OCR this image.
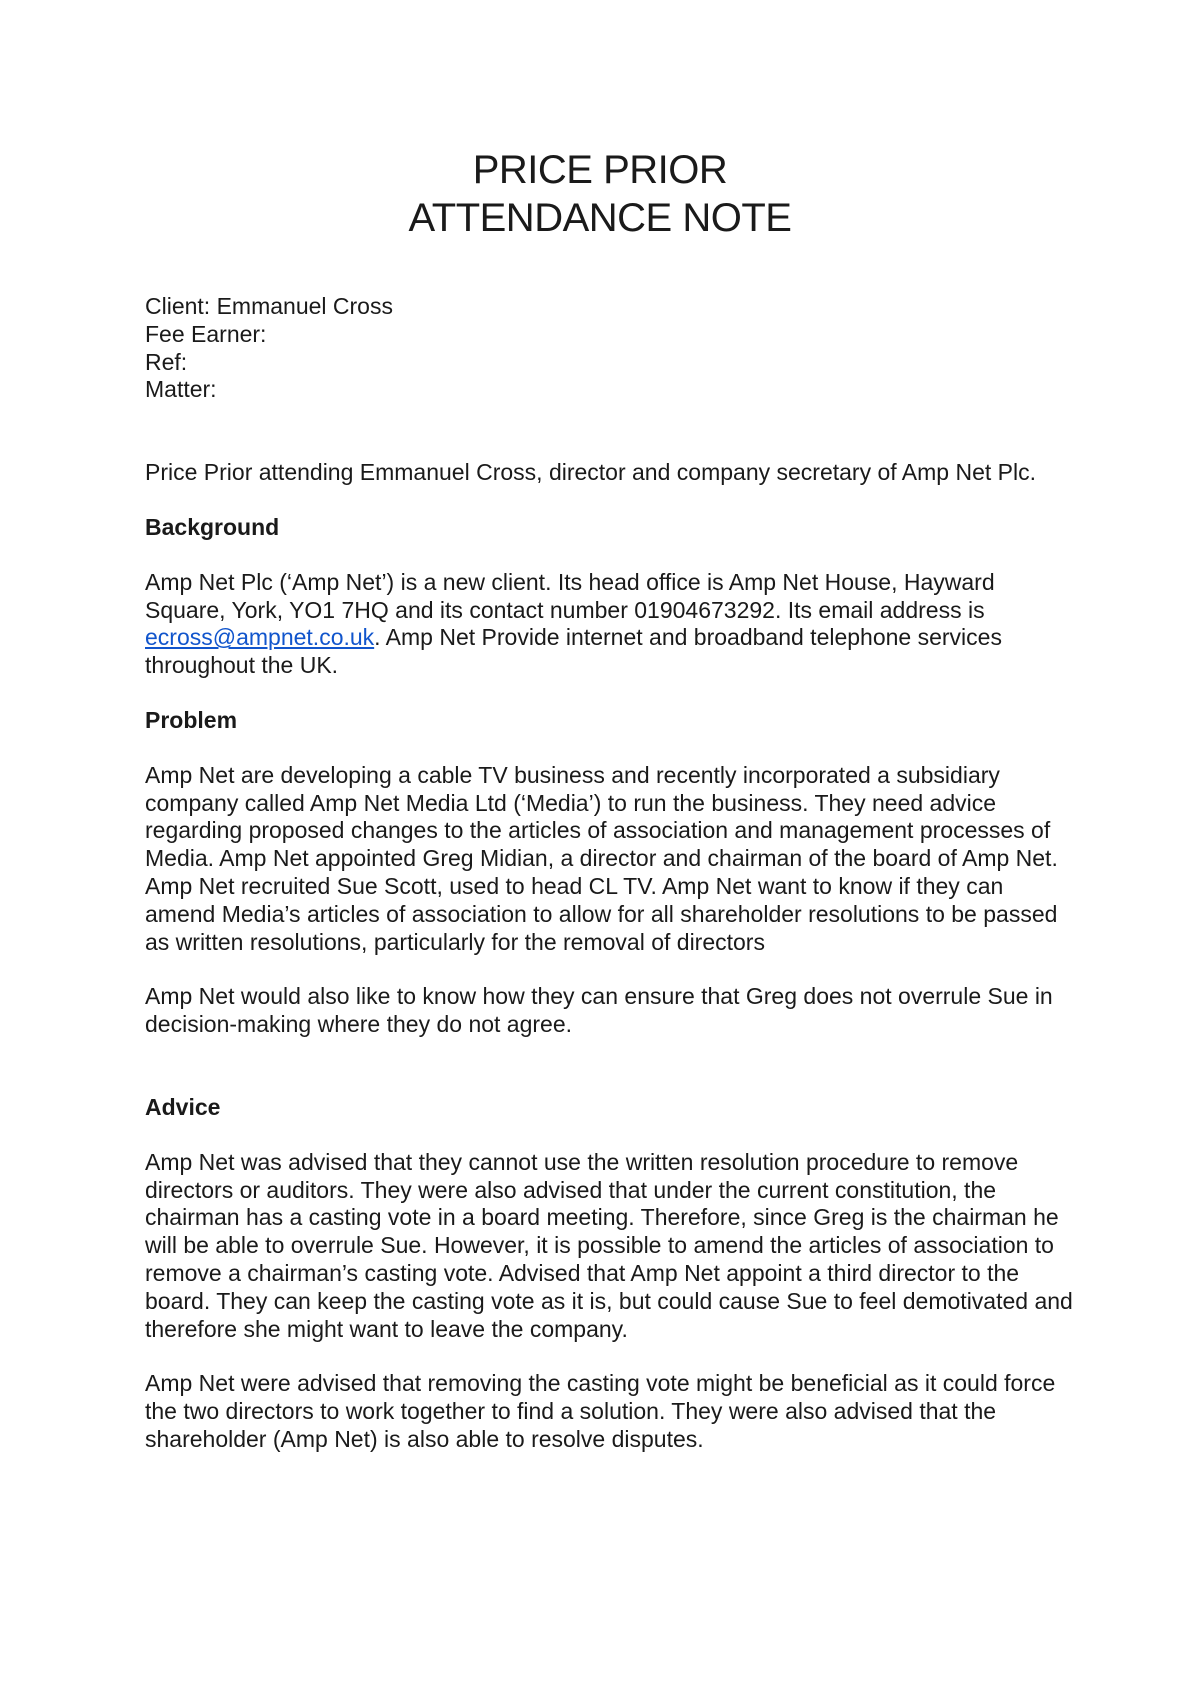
PRICE PRIOR
ATTENDANCE NOTE
Client: Emmanuel Cross
Fee Earner:
Ref:
Matter:

Price Prior attending Emmanuel Cross, director and company secretary of Amp Net Plc.

Background

Amp Net Plc (‘Amp Net’) is a new client. Its head office is Amp Net House, Hayward Square, York, YO1 7HQ and its contact number 01904673292. Its email address is ecross@ampnet.co.uk. Amp Net Provide internet and broadband telephone services throughout the UK.

Problem

Amp Net are developing a cable TV business and recently incorporated a subsidiary company called Amp Net Media Ltd (‘Media’) to run the business. They need advice regarding proposed changes to the articles of association and management processes of Media. Amp Net appointed Greg Midian, a director and chairman of the board of Amp Net. Amp Net recruited Sue Scott, used to head CL TV. Amp Net want to know if they can amend Media’s articles of association to allow for all shareholder resolutions to be passed as written resolutions, particularly for the removal of directors

Amp Net would also like to know how they can ensure that Greg does not overrule Sue in decision-making where they do not agree.

Advice

Amp Net was advised that they cannot use the written resolution procedure to remove directors or auditors. They were also advised that under the current constitution, the chairman has a casting vote in a board meeting. Therefore, since Greg is the chairman he will be able to overrule Sue. However, it is possible to amend the articles of association to remove a chairman’s casting vote. Advised that Amp Net appoint a third director to the board. They can keep the casting vote as it is, but could cause Sue to feel demotivated and therefore she might want to leave the company.

Amp Net were advised that removing the casting vote might be beneficial as it could force the two directors to work together to find a solution. They were also advised that the shareholder (Amp Net) is also able to resolve disputes.
